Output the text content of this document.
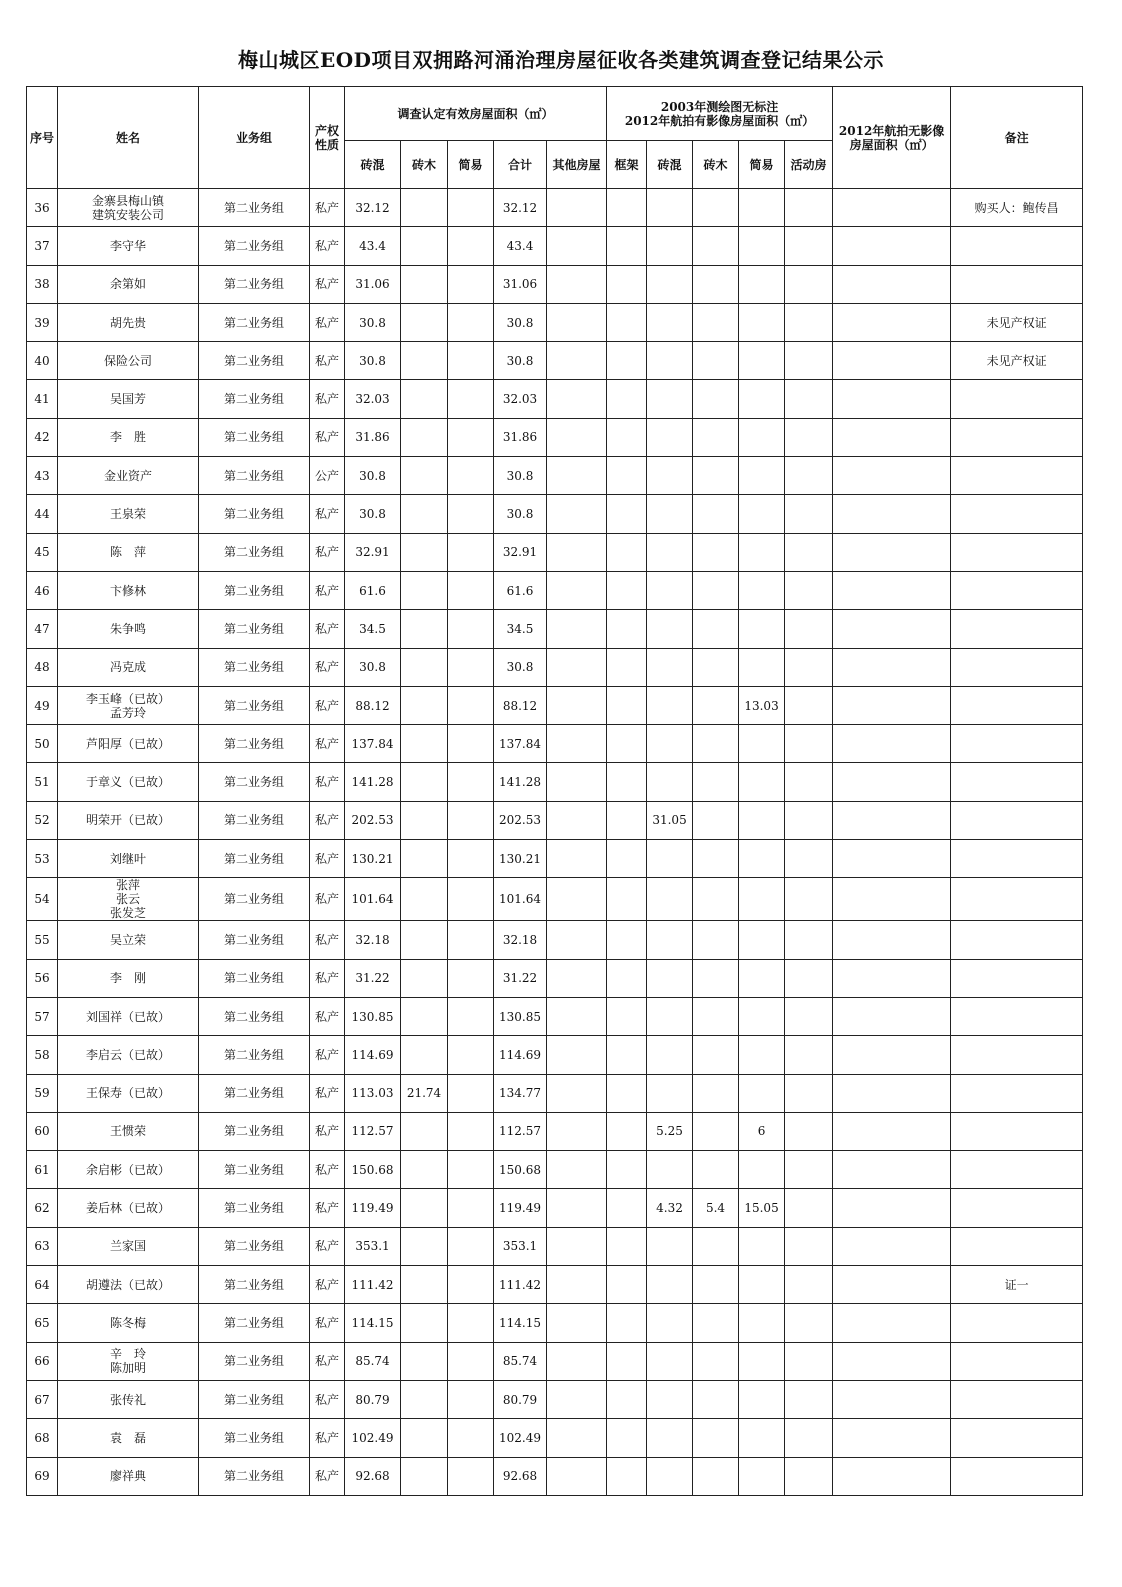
梅山城区EOD项目双拥路河涌治理房屋征收各类建筑调查登记结果公示
序号	姓名	业务组	产权
性质	调查认定有效房屋面积（㎡）					2003年测绘图无标注
2012年航拍有影像房屋面积（㎡）					2012年航拍无影像
房屋面积（㎡）	备注
				砖混	砖木	简易	合计	其他房屋	框架	砖混	砖木	简易	活动房		
36	金寨县梅山镇
建筑安装公司	第二业务组	私产	32.12			32.12								购买人：鲍传昌
37	李守华	第二业务组	私产	43.4			43.4								
38	余第如	第二业务组	私产	31.06			31.06								
39	胡先贵	第二业务组	私产	30.8			30.8								未见产权证
40	保险公司	第二业务组	私产	30.8			30.8								未见产权证
41	吴国芳	第二业务组	私产	32.03			32.03								
42	李　胜	第二业务组	私产	31.86			31.86								
43	金业资产	第二业务组	公产	30.8			30.8								
44	王泉荣	第二业务组	私产	30.8			30.8								
45	陈　萍	第二业务组	私产	32.91			32.91								
46	卞修林	第二业务组	私产	61.6			61.6								
47	朱争鸣	第二业务组	私产	34.5			34.5								
48	冯克成	第二业务组	私产	30.8			30.8								
49	李玉峰（已故）
孟芳玲	第二业务组	私产	88.12			88.12					13.03			
50	芦阳厚（已故）	第二业务组	私产	137.84			137.84								
51	于章义（已故）	第二业务组	私产	141.28			141.28								
52	明荣开（已故）	第二业务组	私产	202.53			202.53			31.05					
53	刘继叶	第二业务组	私产	130.21			130.21								
54	张萍
张云
张发芝	第二业务组	私产	101.64			101.64								
55	吴立荣	第二业务组	私产	32.18			32.18								
56	李　刚	第二业务组	私产	31.22			31.22								
57	刘国祥（已故）	第二业务组	私产	130.85			130.85								
58	李启云（已故）	第二业务组	私产	114.69			114.69								
59	王保寿（已故）	第二业务组	私产	113.03	21.74		134.77								
60	王惯荣	第二业务组	私产	112.57			112.57			5.25		6			
61	余启彬（已故）	第二业务组	私产	150.68			150.68								
62	姜后林（已故）	第二业务组	私产	119.49			119.49			4.32	5.4	15.05			
63	兰家国	第二业务组	私产	353.1			353.1								
64	胡遵法（已故）	第二业务组	私产	111.42			111.42								证一
65	陈冬梅	第二业务组	私产	114.15			114.15								
66	辛　玲
陈加明	第二业务组	私产	85.74			85.74								
67	张传礼	第二业务组	私产	80.79			80.79								
68	袁　磊	第二业务组	私产	102.49			102.49								
69	廖祥典	第二业务组	私产	92.68			92.68								
